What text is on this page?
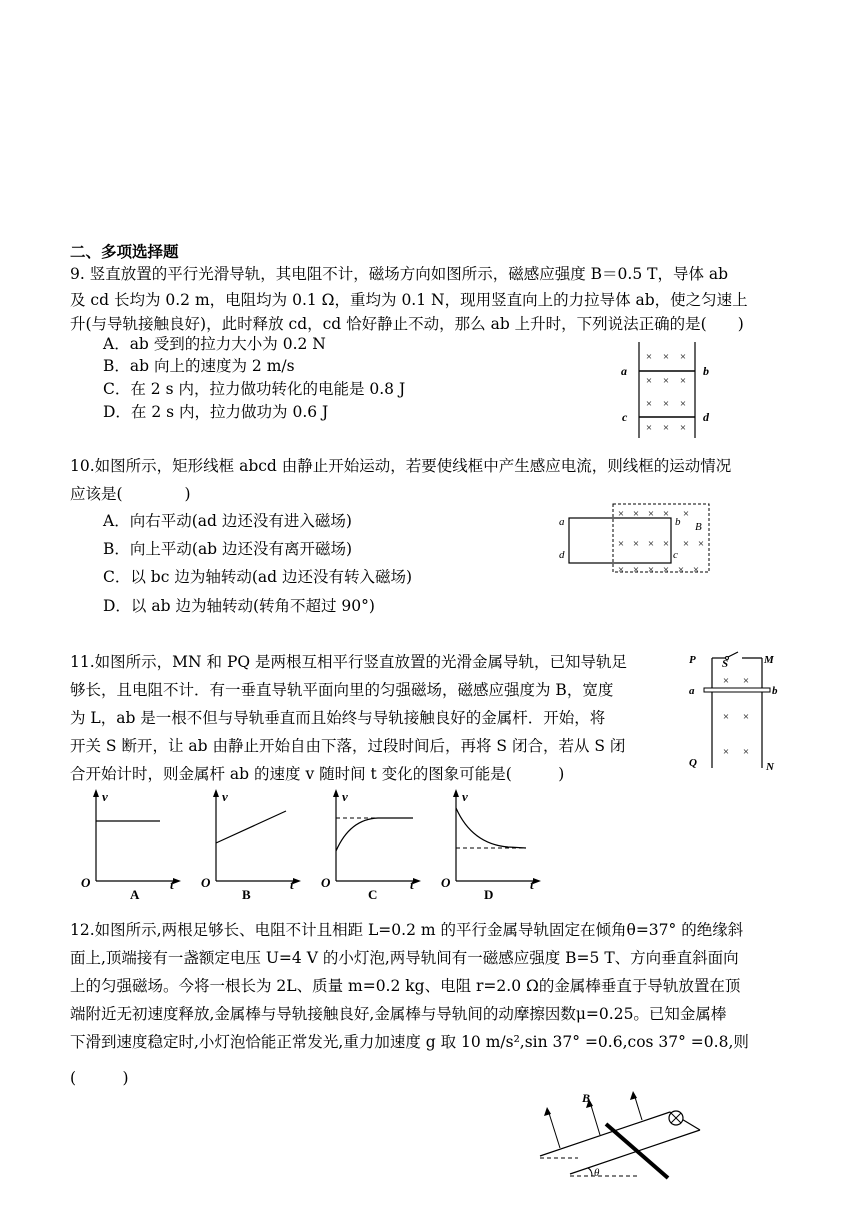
二、多项选择题
9. 竖直放置的平行光滑导轨，其电阻不计，磁场方向如图所示，磁感应强度 B＝0.5 T，导体 ab
及 cd 长均为 0.2 m，电阻均为 0.1 Ω，重均为 0.1 N，现用竖直向上的力拉导体 ab，使之匀速上
升(与导轨接触良好)，此时释放 cd，cd 恰好静止不动，那么 ab 上升时，下列说法正确的是(　　)
A．ab 受到的拉力大小为 0.2 N
B．ab 向上的速度为 2 m/s
C．在 2 s 内，拉力做功转化的电能是 0.8 J
D．在 2 s 内，拉力做功为 0.6 J
× × ×
× × ×
× × ×
× × ×
a	b
c	d
10.如图所示，矩形线框 abcd 由静止开始运动，若要使线框中产生感应电流，则线框的运动情况
应该是(　　　　)
A．向右平动(ad 边还没有进入磁场)
B．向上平动(ab 边还没有离开磁场)
C．以 bc 边为轴转动(ad 边还没有转入磁场)
D．以 ab 边为轴转动(转角不超过 90°)
× × × × ×
× × × × × ×
× × × × × ×
a
d
b
c
B
11.如图所示，MN 和 PQ 是两根互相平行竖直放置的光滑金属导轨，已知导轨足
够长，且电阻不计．有一垂直导轨平面向里的匀强磁场，磁感应强度为 B，宽度
为 L，ab 是一根不但与导轨垂直而且始终与导轨接触良好的金属杆．开始，将
开关 S 断开，让 ab 由静止开始自由下落，过段时间后，再将 S 闭合，若从 S 闭
合开始计时，则金属杆 ab 的速度 v 随时间 t 变化的图象可能是(　　　)
× ×
× ×
× ×
P S	M
a	b
Q	N
v
O	t
A
v
O	t
B
v
O	t
C
v
O	t
D
12.如图所示,两根足够长、电阻不计且相距 L=0.2 m 的平行金属导轨固定在倾角θ=37° 的绝缘斜
面上,顶端接有一盏额定电压 U=4 V 的小灯泡,两导轨间有一磁感应强度 B=5 T、方向垂直斜面向
上的匀强磁场。今将一根长为 2L、质量 m=0.2 kg、电阻 r=2.0 Ω的金属棒垂直于导轨放置在顶
端附近无初速度释放,金属棒与导轨接触良好,金属棒与导轨间的动摩擦因数μ=0.25。已知金属棒
下滑到速度稳定时,小灯泡恰能正常发光,重力加速度 g 取 10 m/s²,sin 37° =0.6,cos 37° =0.8,则
(　　　)
B
θ
